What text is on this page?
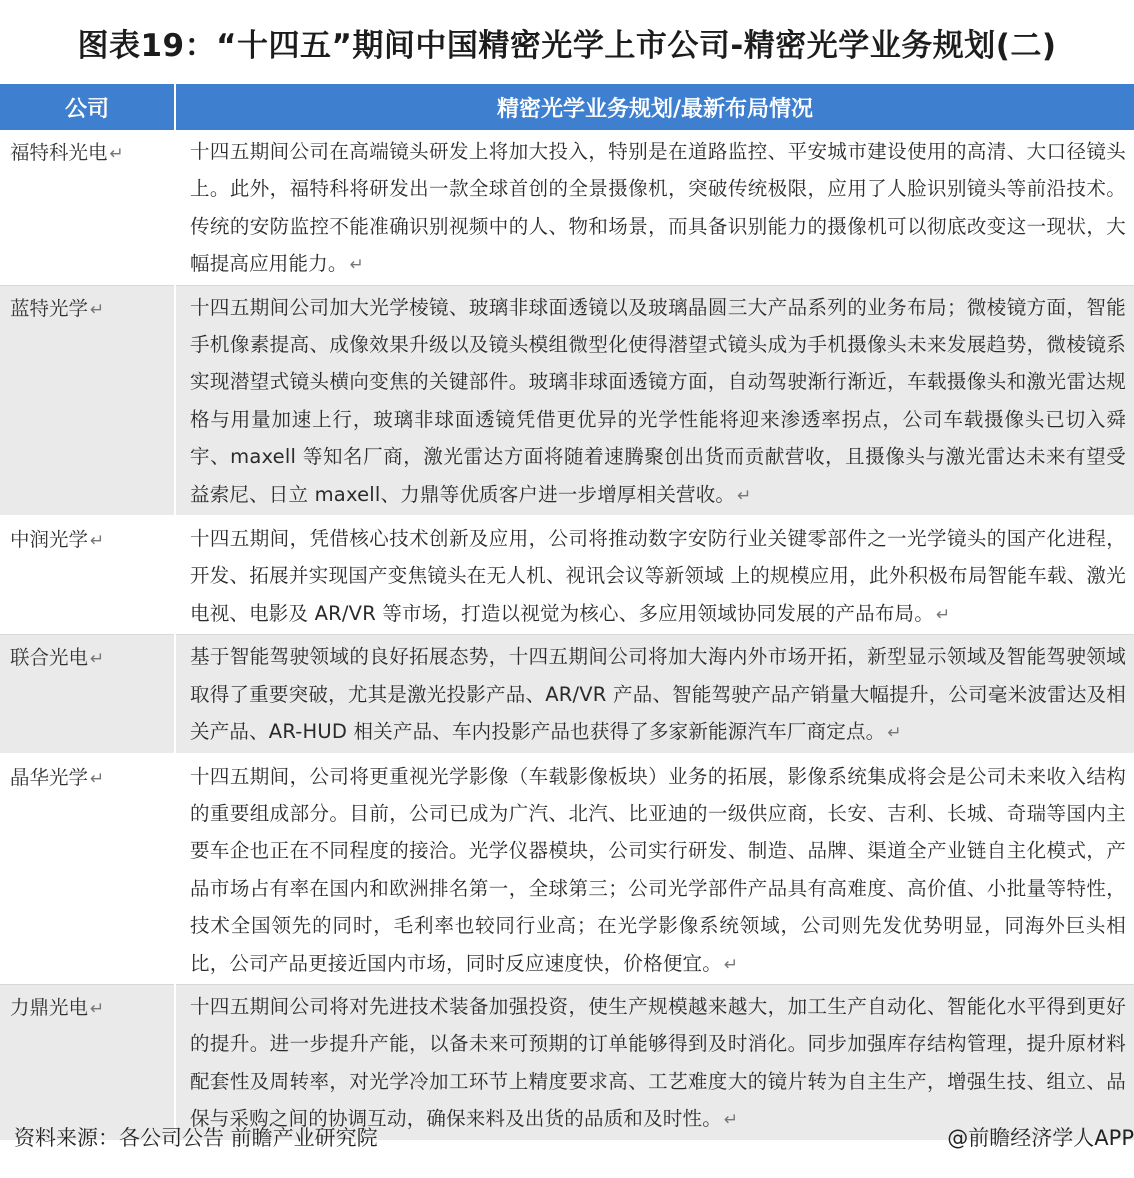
图表19：“十四五”期间中国精密光学上市公司-精密光学业务规划(二)
公司	精密光学业务规划/最新布局情况
福特科光电 ↵	十四五期间公司在高端镜头研发上将加大投入，特别是在道路监控、平安城市建设使用的高清、大口径镜头上。此外，福特科将研发出一款全球首创的全景摄像机，突破传统极限，应用了人脸识别镜头等前沿技术。传统的安防监控不能准确识别视频中的人、物和场景，而具备识别能力的摄像机可以彻底改变这一现状，大幅提高应用能力。 ↵
蓝特光学 ↵	十四五期间公司加大光学棱镜、玻璃非球面透镜以及玻璃晶圆三大产品系列的业务布局；微棱镜方面，智能手机像素提高、成像效果升级以及镜头模组微型化使得潜望式镜头成为手机摄像头未来发展趋势，微棱镜系实现潜望式镜头横向变焦的关键部件。玻璃非球面透镜方面，自动驾驶渐行渐近，车载摄像头和激光雷达规格与用量加速上行，玻璃非球面透镜凭借更优异的光学性能将迎来渗透率拐点，公司车载摄像头已切入舜宇、maxell 等知名厂商，激光雷达方面将随着速腾聚创出货而贡献营收，且摄像头与激光雷达未来有望受益索尼、日立 maxell、力鼎等优质客户进一步增厚相关营收。 ↵
中润光学 ↵	十四五期间，凭借核心技术创新及应用，公司将推动数字安防行业关键零部件之一光学镜头的国产化进程，开发、拓展并实现国产变焦镜头在无人机、视讯会议等新领域 上的规模应用，此外积极布局智能车载、激光电视、电影及 AR/VR 等市场，打造以视觉为核心、多应用领域协同发展的产品布局。 ↵
联合光电 ↵	基于智能驾驶领域的良好拓展态势，十四五期间公司将加大海内外市场开拓，新型显示领域及智能驾驶领域取得了重要突破，尤其是激光投影产品、AR/VR 产品、智能驾驶产品产销量大幅提升，公司毫米波雷达及相关产品、AR-HUD 相关产品、车内投影产品也获得了多家新能源汽车厂商定点。 ↵
晶华光学 ↵	十四五期间，公司将更重视光学影像（车载影像板块）业务的拓展，影像系统集成将会是公司未来收入结构的重要组成部分。目前，公司已成为广汽、北汽、比亚迪的一级供应商，长安、吉利、长城、奇瑞等国内主要车企也正在不同程度的接洽。光学仪器模块，公司实行研发、制造、品牌、渠道全产业链自主化模式，产品市场占有率在国内和欧洲排名第一，全球第三；公司光学部件产品具有高难度、高价值、小批量等特性，技术全国领先的同时，毛利率也较同行业高；在光学影像系统领域，公司则先发优势明显，同海外巨头相比，公司产品更接近国内市场，同时反应速度快，价格便宜。 ↵
力鼎光电 ↵	十四五期间公司将对先进技术装备加强投资，使生产规模越来越大，加工生产自动化、智能化水平得到更好的提升。进一步提升产能，以备未来可预期的订单能够得到及时消化。同步加强库存结构管理，提升原材料配套性及周转率，对光学冷加工环节上精度要求高、工艺难度大的镜片转为自主生产，增强生技、组立、品保与采购之间的协调互动，确保来料及出货的品质和及时性。 ↵
资料来源：各公司公告 前瞻产业研究院	@前瞻经济学人APP
